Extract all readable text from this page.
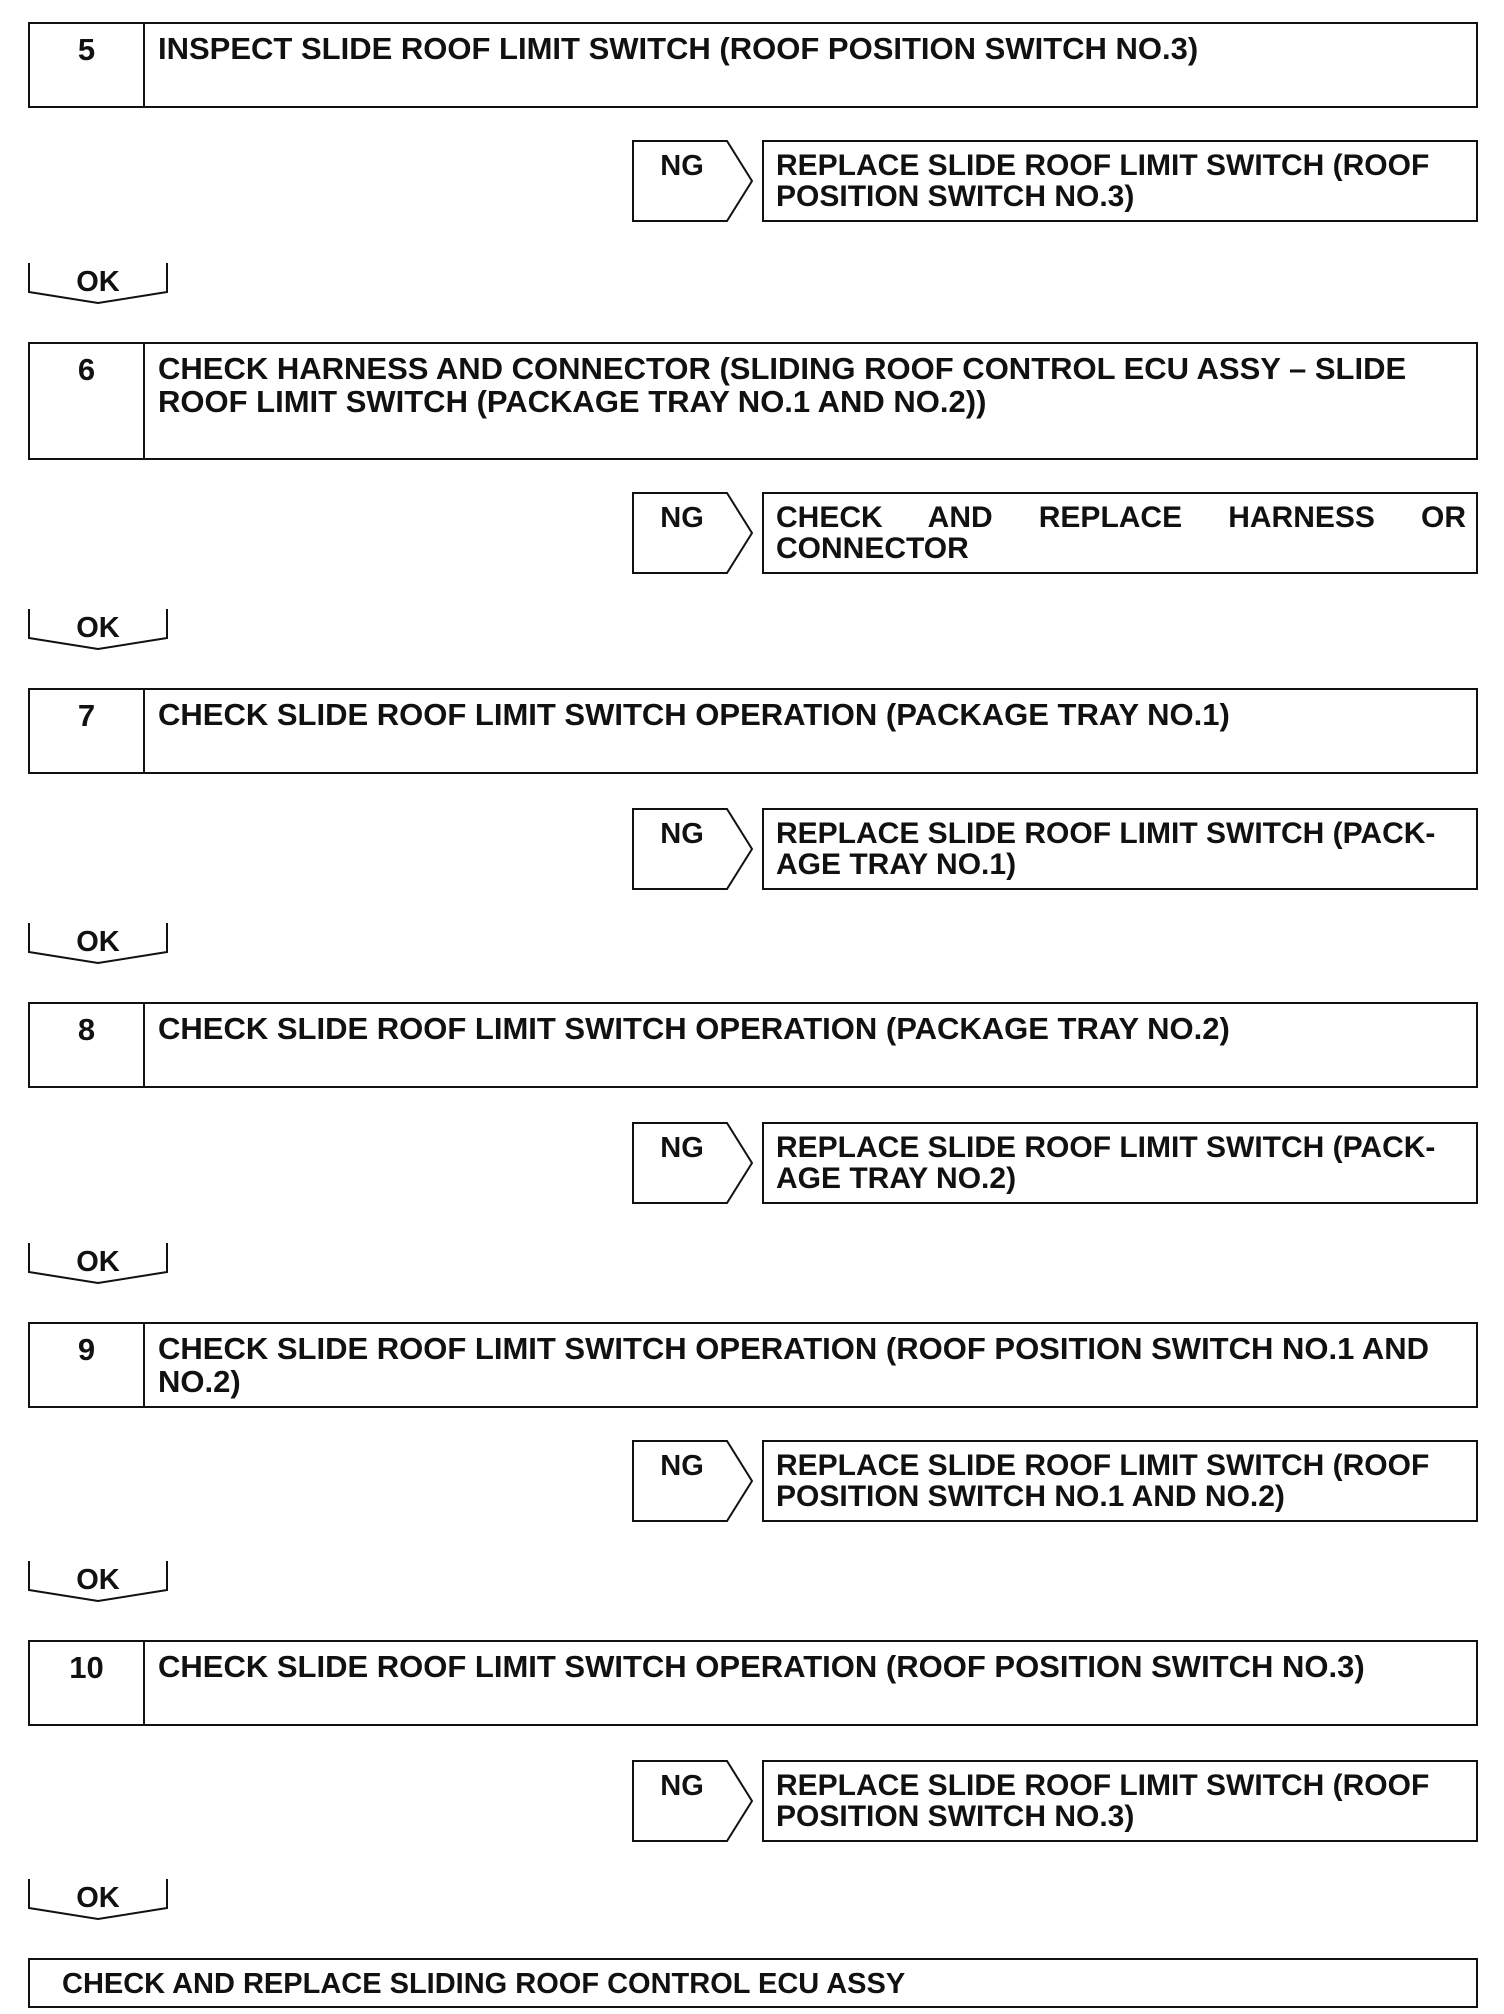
5	INSPECT SLIDE ROOF LIMIT SWITCH (ROOF POSITION SWITCH NO.3)
NG	REPLACE SLIDE ROOF LIMIT SWITCH (ROOF POSITION SWITCH NO.3)
OK
6	CHECK HARNESS AND CONNECTOR (SLIDING ROOF CONTROL ECU ASSY – SLIDE ROOF LIMIT SWITCH (PACKAGE TRAY NO.1 AND NO.2))
NG	CHECK AND REPLACE HARNESS OR CONNECTOR
OK
7	CHECK SLIDE ROOF LIMIT SWITCH OPERATION (PACKAGE TRAY NO.1)
NG	REPLACE SLIDE ROOF LIMIT SWITCH (PACK-AGE TRAY NO.1)
OK
8	CHECK SLIDE ROOF LIMIT SWITCH OPERATION (PACKAGE TRAY NO.2)
NG	REPLACE SLIDE ROOF LIMIT SWITCH (PACK-AGE TRAY NO.2)
OK
9	CHECK SLIDE ROOF LIMIT SWITCH OPERATION (ROOF POSITION SWITCH NO.1 AND NO.2)
NG	REPLACE SLIDE ROOF LIMIT SWITCH (ROOF POSITION SWITCH NO.1 AND NO.2)
OK
10	CHECK SLIDE ROOF LIMIT SWITCH OPERATION (ROOF POSITION SWITCH NO.3)
NG	REPLACE SLIDE ROOF LIMIT SWITCH (ROOF POSITION SWITCH NO.3)
OK
CHECK AND REPLACE SLIDING ROOF CONTROL ECU ASSY
